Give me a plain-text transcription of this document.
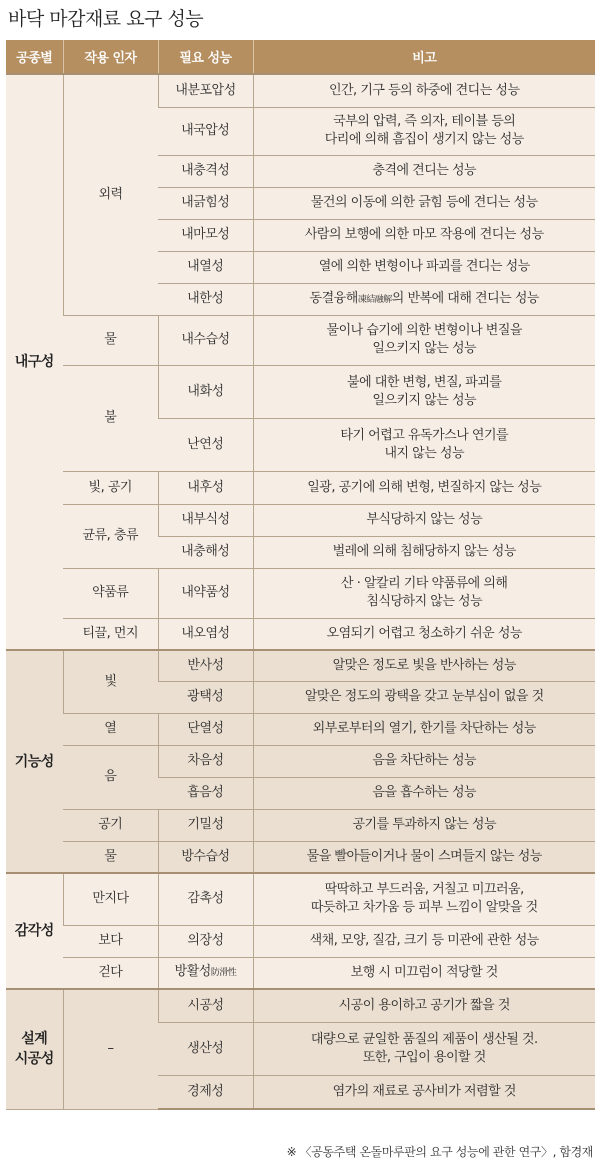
바닥 마감재료 요구 성능
공종별	작용 인자	필요 성능	비고
내구성	외력	내분포압성	인간, 기구 등의 하중에 견디는 성능
		내국압성	국부의 압력, 즉 의자, 테이블 등의
다리에 의해 흠집이 생기지 않는 성능
		내충격성	충격에 견디는 성능
		내긁힘성	물건의 이동에 의한 긁힘 등에 견디는 성능
		내마모성	사람의 보행에 의한 마모 작용에 견디는 성능
		내열성	열에 의한 변형이나 파괴를 견디는 성능
		내한성	동결융해凍結融解의 반복에 대해 견디는 성능
	물	내수습성	물이나 습기에 의한 변형이나 변질을
일으키지 않는 성능
	불	내화성	불에 대한 변형, 변질, 파괴를
일으키지 않는 성능
		난연성	타기 어렵고 유독가스나 연기를
내지 않는 성능
	빛, 공기	내후성	일광, 공기에 의해 변형, 변질하지 않는 성능
	균류, 충류	내부식성	부식당하지 않는 성능
		내충해성	벌레에 의해 침해당하지 않는 성능
	약품류	내약품성	산 · 알칼리 기타 약품류에 의해
침식당하지 않는 성능
	티끌, 먼지	내오염성	오염되기 어렵고 청소하기 쉬운 성능
기능성	빛	반사성	알맞은 정도로 빛을 반사하는 성능
		광택성	알맞은 정도의 광택을 갖고 눈부심이 없을 것
	열	단열성	외부로부터의 열기, 한기를 차단하는 성능
	음	차음성	음을 차단하는 성능
		흡음성	음을 흡수하는 성능
	공기	기밀성	공기를 투과하지 않는 성능
	물	방수습성	물을 빨아들이거나 물이 스며들지 않는 성능
감각성	만지다	감촉성	딱딱하고 부드러움, 거칠고 미끄러움,
따듯하고 차가움 등 피부 느낌이 알맞을 것
	보다	의장성	색채, 모양, 질감, 크기 등 미관에 관한 성능
	걷다	방활성防滑性	보행 시 미끄럼이 적당할 것
설계
시공성	–	시공성	시공이 용이하고 공기가 짧을 것
		생산성	대량으로 균일한 품질의 제품이 생산될 것.
또한, 구입이 용이할 것
		경제성	염가의 재료로 공사비가 저렴할 것
※ 〈공동주택 온돌마루판의 요구 성능에 관한 연구〉, 함경재
